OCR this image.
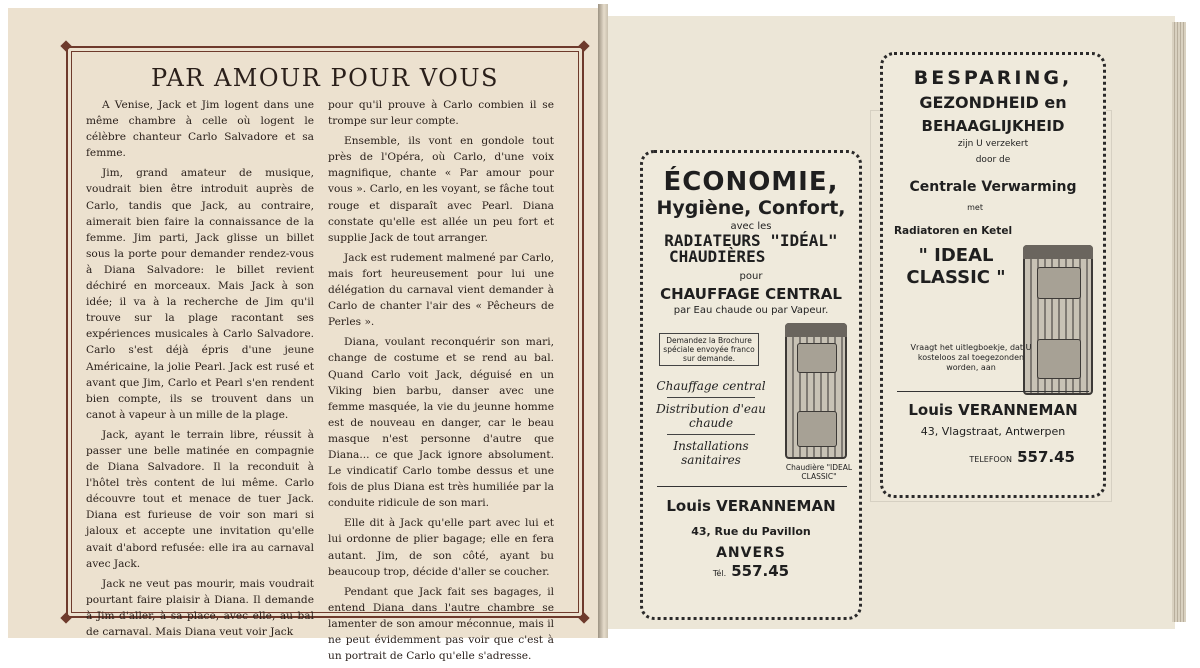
PAR AMOUR POUR VOUS

A Venise, Jack et Jim logent dans une même chambre à celle où logent le célèbre chanteur Carlo Salvadore et sa femme.

Jim, grand amateur de musique, voudrait bien être introduit auprès de Carlo, tandis que Jack, au contraire, aimerait bien faire la connaissance de la femme. Jim parti, Jack glisse un billet sous la porte pour demander rendez-vous à Diana Salvadore: le billet revient déchiré en morceaux. Mais Jack à son idée; il va à la recherche de Jim qu'il trouve sur la plage racontant ses expériences musicales à Carlo Salvadore. Carlo s'est déjà épris d'une jeune Américaine, la jolie Pearl. Jack est rusé et avant que Jim, Carlo et Pearl s'en rendent bien compte, ils se trouvent dans un canot à vapeur à un mille de la plage.

Jack, ayant le terrain libre, réussit à passer une belle matinée en compagnie de Diana Salvadore. Il la reconduit à l'hôtel très content de lui même. Carlo découvre tout et menace de tuer Jack. Diana est furieuse de voir son mari si jaloux et accepte une invitation qu'elle avait d'abord refusée: elle ira au carnaval avec Jack.

Jack ne veut pas mourir, mais voudrait pourtant faire plaisir à Diana. Il demande à Jim d'aller, à sa place, avec elle, au bal de carnaval. Mais Diana veut voir Jack

pour qu'il prouve à Carlo combien il se trompe sur leur compte.

Ensemble, ils vont en gondole tout près de l'Opéra, où Carlo, d'une voix magnifique, chante « Par amour pour vous ». Carlo, en les voyant, se fâche tout rouge et disparaît avec Pearl. Diana constate qu'elle est allée un peu fort et supplie Jack de tout arranger.

Jack est rudement malmené par Carlo, mais fort heureusement pour lui une délégation du carnaval vient demander à Carlo de chanter l'air des « Pêcheurs de Perles ».

Diana, voulant reconquérir son mari, change de costume et se rend au bal. Quand Carlo voit Jack, déguisé en un Viking bien barbu, danser avec une femme masquée, la vie du jeunne homme est de nouveau en danger, car le beau masque n'est personne d'autre que Diana... ce que Jack ignore absolument. Le vindicatif Carlo tombe dessus et une fois de plus Diana est très humiliée par la conduite ridicule de son mari.

Elle dit à Jack qu'elle part avec lui et lui ordonne de plier bagage; elle en fera autant. Jim, de son côté, ayant bu beaucoup trop, décide d'aller se coucher.

Pendant que Jack fait ses bagages, il entend Diana dans l'autre chambre se lamenter de son amour méconnue, mais il ne peut évidemment pas voir que c'est à un portrait de Carlo qu'elle s'adresse.

ÉCONOMIE,
Hygiène, Confort,
avec les
RADIATEURS "IDÉAL"
CHAUDIÈRES
pour
CHAUFFAGE CENTRAL
par Eau chaude ou par Vapeur.
Demandez la Brochure spéciale envoyée franco sur demande.
Chauffage central
Distribution d'eau chaude
Installations sanitaires
Chaudière "IDEAL CLASSIC"
Louis VERANNEMAN
43, Rue du Pavillon
ANVERS
Tél. 557.45
BESPARING,
GEZONDHEID en
BEHAAGLIJKHEID
zijn U verzekert
door de
Centrale Verwarming
met
Radiatoren en Ketel
" IDEAL CLASSIC "
Vraagt het uitlegboekje, dat U kosteloos zal toegezonden worden, aan
Louis VERANNEMAN
43, Vlagstraat, Antwerpen
TELEFOON 557.45
